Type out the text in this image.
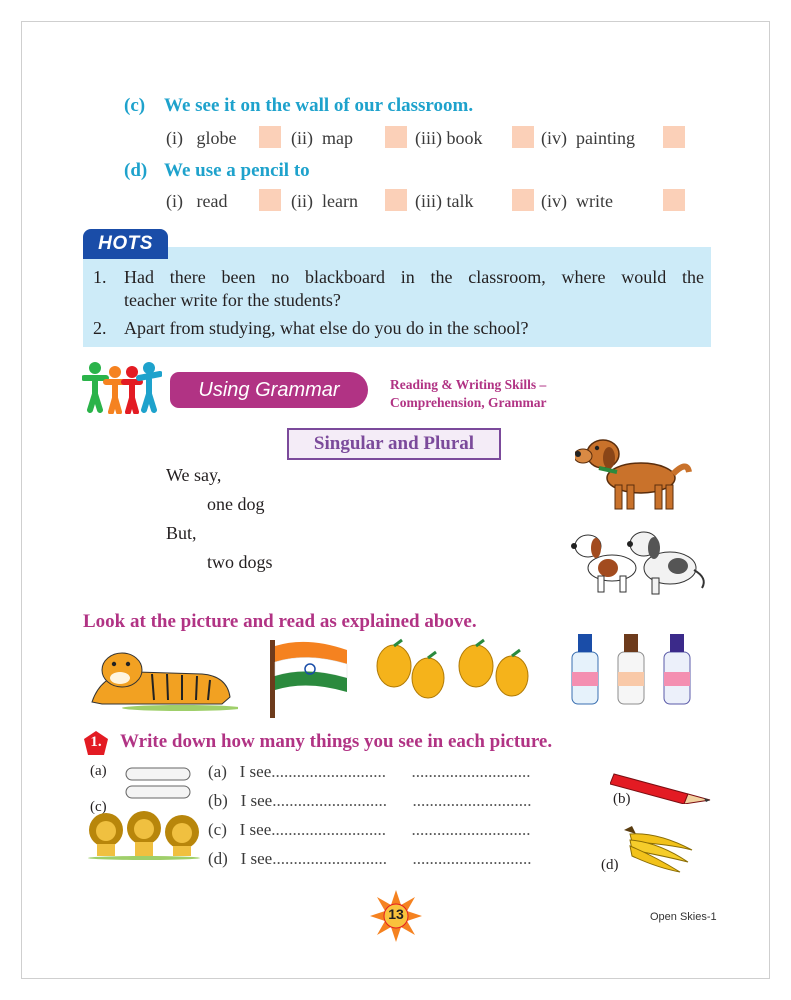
(c) We see it on the wall of our classroom.
(i) globe	(ii) map	(iii) book	(iv) painting
(d) We use a pencil to
(i) read	(ii) learn	(iii) talk	(iv) write
HOTS
1. Had there been no blackboard in the classroom, where would the
teacher write for the students?
2. Apart from studying, what else do you do in the school?
Using Grammar	Reading & Writing Skills –
Comprehension, Grammar
Singular and Plural
We say,
one dog
But,
two dogs
Look at the picture and read as explained above.
1. Write down how many things you see in each picture.
(a)
(c)
(a) I see...........................      ............................
(b) I see...........................      ............................
(c) I see...........................      ............................
(d) I see...........................      ............................
(b)
(d)
13	Open Skies-1
